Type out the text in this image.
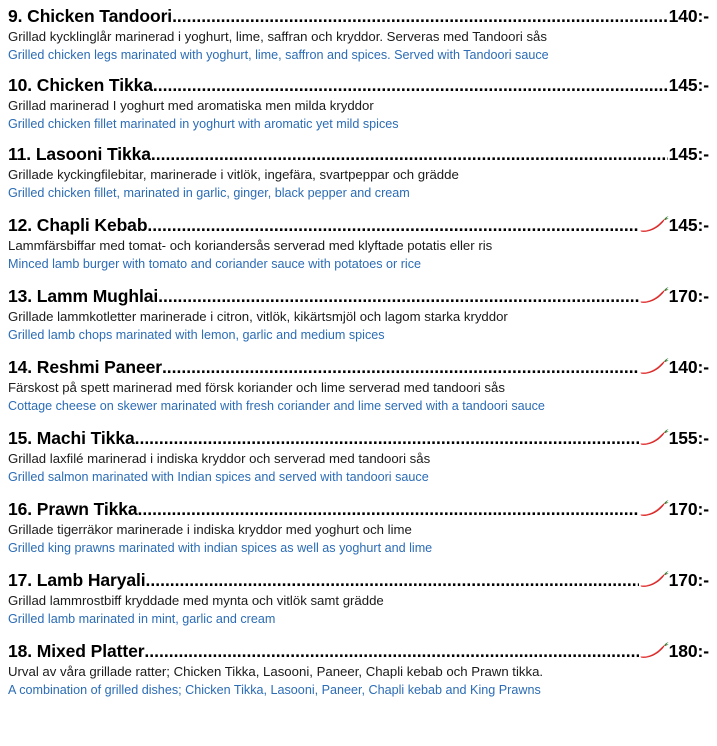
9. Chicken Tandoori .....	140:-
Grillad kycklinglår marinerad i yoghurt, lime, saffran och kryddor. Serveras med Tandoori sås
Grilled chicken legs marinated with yoghurt, lime, saffron and spices. Served with Tandoori sauce
10. Chicken Tikka .....	145:-
Grillad marinerad I yoghurt med aromatiska men milda kryddor
Grilled chicken fillet marinated in yoghurt with aromatic yet mild spices
11. Lasooni Tikka .....	145:-
Grillade kyckingfilebitar, marinerade i vitlök, ingefära, svartpeppar och grädde
Grilled chicken fillet, marinated in garlic, ginger, black pepper and cream
12. Chapli Kebab .....	145:-
Lammfärsbiffar med tomat- och koriandersås serverad med klyftade potatis eller ris
Minced lamb burger with tomato and coriander sauce with potatoes or rice
13. Lamm Mughlai .....	170:-
Grillade lammkotletter marinerade i citron, vitlök, kikärtsmjöl och lagom starka kryddor
Grilled lamb chops marinated with lemon, garlic and medium spices
14. Reshmi Paneer .....	140:-
Färskost på spett marinerad med försk koriander och lime serverad med tandoori sås
Cottage cheese on skewer marinated with fresh coriander and lime served with a tandoori sauce
15. Machi Tikka .....	155:-
Grillad laxfilé marinerad i indiska kryddor och serverad med tandoori sås
Grilled salmon marinated with Indian spices and served with tandoori sauce
16. Prawn Tikka .....	170:-
Grillade tigerräkor marinerade i indiska kryddor med yoghurt och lime
Grilled king prawns marinated with indian spices as well as yoghurt and lime
17. Lamb Haryali .....	170:-
Grillad lammrostbiff kryddade med mynta och vitlök samt grädde
Grilled lamb marinated in mint, garlic and cream
18. Mixed Platter .....	180:-
Urval av våra grillade ratter; Chicken Tikka, Lasooni, Paneer, Chapli kebab och Prawn tikka.
A combination of grilled dishes; Chicken Tikka, Lasooni, Paneer, Chapli kebab and King Prawns
